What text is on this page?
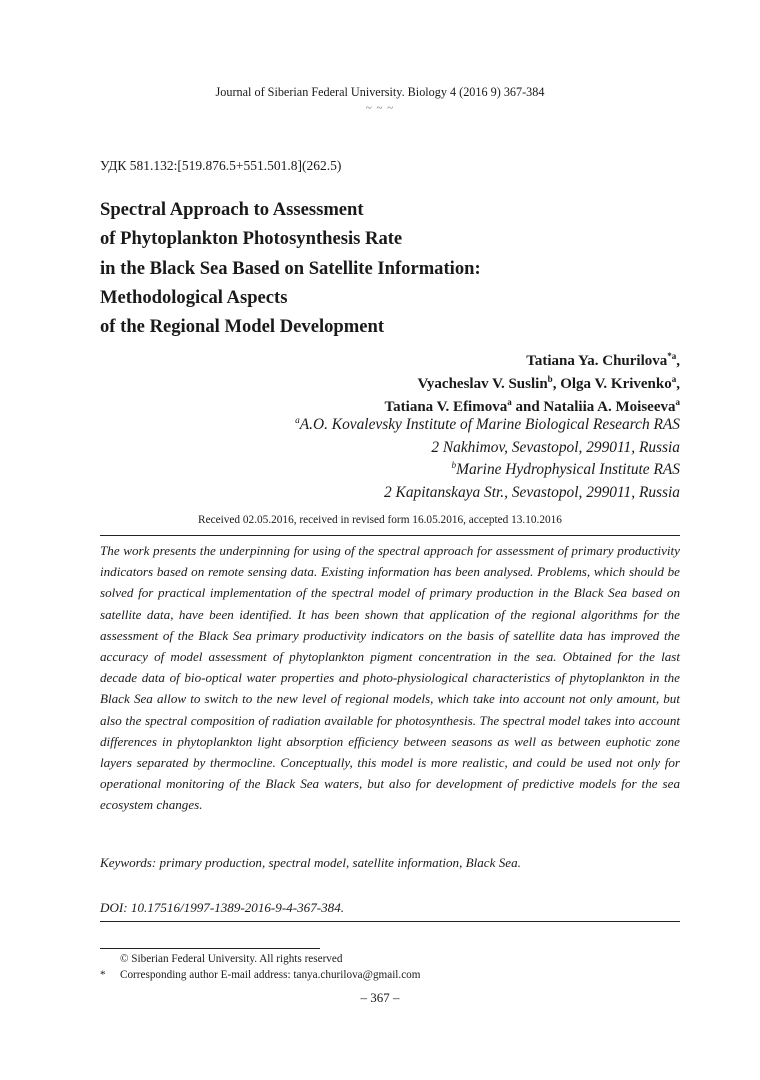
Journal of Siberian Federal University. Biology 4 (2016 9) 367-384
~ ~ ~
УДК 581.132:[519.876.5+551.501.8](262.5)
Spectral Approach to Assessment
of Phytoplankton Photosynthesis Rate
in the Black Sea Based on Satellite Information:
Methodological Aspects
of the Regional Model Development
Tatiana Ya. Churilova$^{*a}$,
Vyacheslav V. Suslin$^b$, Olga V. Krivenko$^a$,
Tatiana V. Efimova$^a$ and Nataliia A. Moiseeva$^a$
$^a$A.O. Kovalevsky Institute of Marine Biological Research RAS
2 Nakhimov, Sevastopol, 299011, Russia
$^b$Marine Hydrophysical Institute RAS
2 Kapitanskaya Str., Sevastopol, 299011, Russia
Received 02.05.2016, received in revised form 16.05.2016, accepted 13.10.2016

The work presents the underpinning for using of the spectral approach for assessment of primary productivity indicators based on remote sensing data. Existing information has been analysed. Problems, which should be solved for practical implementation of the spectral model of primary production in the Black Sea based on satellite data, have been identified. It has been shown that application of the regional algorithms for the assessment of the Black Sea primary productivity indicators on the basis of satellite data has improved the accuracy of model assessment of phytoplankton pigment concentration in the sea. Obtained for the last decade data of bio-optical water properties and photo-physiological characteristics of phytoplankton in the Black Sea allow to switch to the new level of regional models, which take into account not only amount, but also the spectral composition of radiation available for photosynthesis. The spectral model takes into account differences in phytoplankton light absorption efficiency between seasons as well as between euphotic zone layers separated by thermocline. Conceptually, this model is more realistic, and could be used not only for operational monitoring of the Black Sea waters, but also for development of predictive models for the sea ecosystem changes.

Keywords: primary production, spectral model, satellite information, Black Sea.

DOI: 10.17516/1997-1389-2016-9-4-367-384.

© Siberian Federal University. All rights reserved
*	Corresponding author E-mail address: tanya.churilova@gmail.com
– 367 –
